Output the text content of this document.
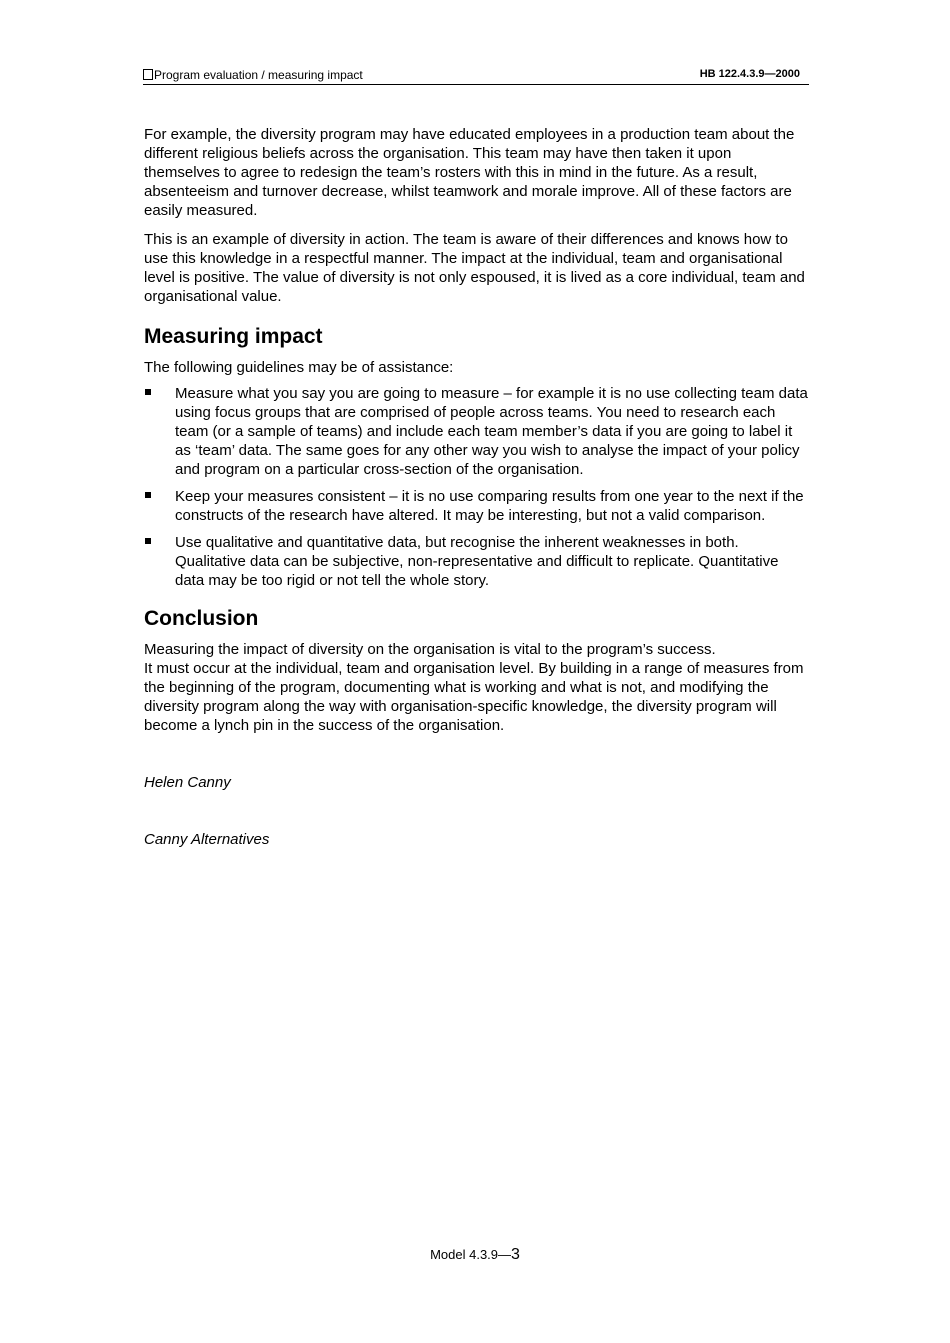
Program evaluation / measuring impact	HB 122.4.3.9—2000

For example, the diversity program may have educated employees in a production team about the different religious beliefs across the organisation. This team may have then taken it upon themselves to agree to redesign the team’s rosters with this in mind in the future. As a result, absenteeism and turnover decrease, whilst teamwork and morale improve. All of these factors are easily measured.

This is an example of diversity in action. The team is aware of their differences and knows how to use this knowledge in a respectful manner. The impact at the individual, team and organisational level is positive. The value of diversity is not only espoused, it is lived as a core individual, team and organisational value.

Measuring impact

The following guidelines may be of assistance:

Measure what you say you are going to measure – for example it is no use collecting team data using focus groups that are comprised of people across teams. You need to research each team (or a sample of teams) and include each team member’s data if you are going to label it as ‘team’ data. The same goes for any other way you wish to analyse the impact of your policy and program on a particular cross-section of the organisation.
Keep your measures consistent – it is no use comparing results from one year to the next if the constructs of the research have altered. It may be interesting, but not a valid comparison.
Use qualitative and quantitative data, but recognise the inherent weaknesses in both. Qualitative data can be subjective, non-representative and difficult to replicate. Quantitative data may be too rigid or not tell the whole story.
Conclusion

Measuring the impact of diversity on the organisation is vital to the program’s success.
It must occur at the individual, team and organisation level. By building in a range of measures from the beginning of the program, documenting what is working and what is not, and modifying the diversity program along the way with organisation-specific knowledge, the diversity program will become a lynch pin in the success of the organisation.

Helen Canny

Canny Alternatives

Model 4.3.9—3
